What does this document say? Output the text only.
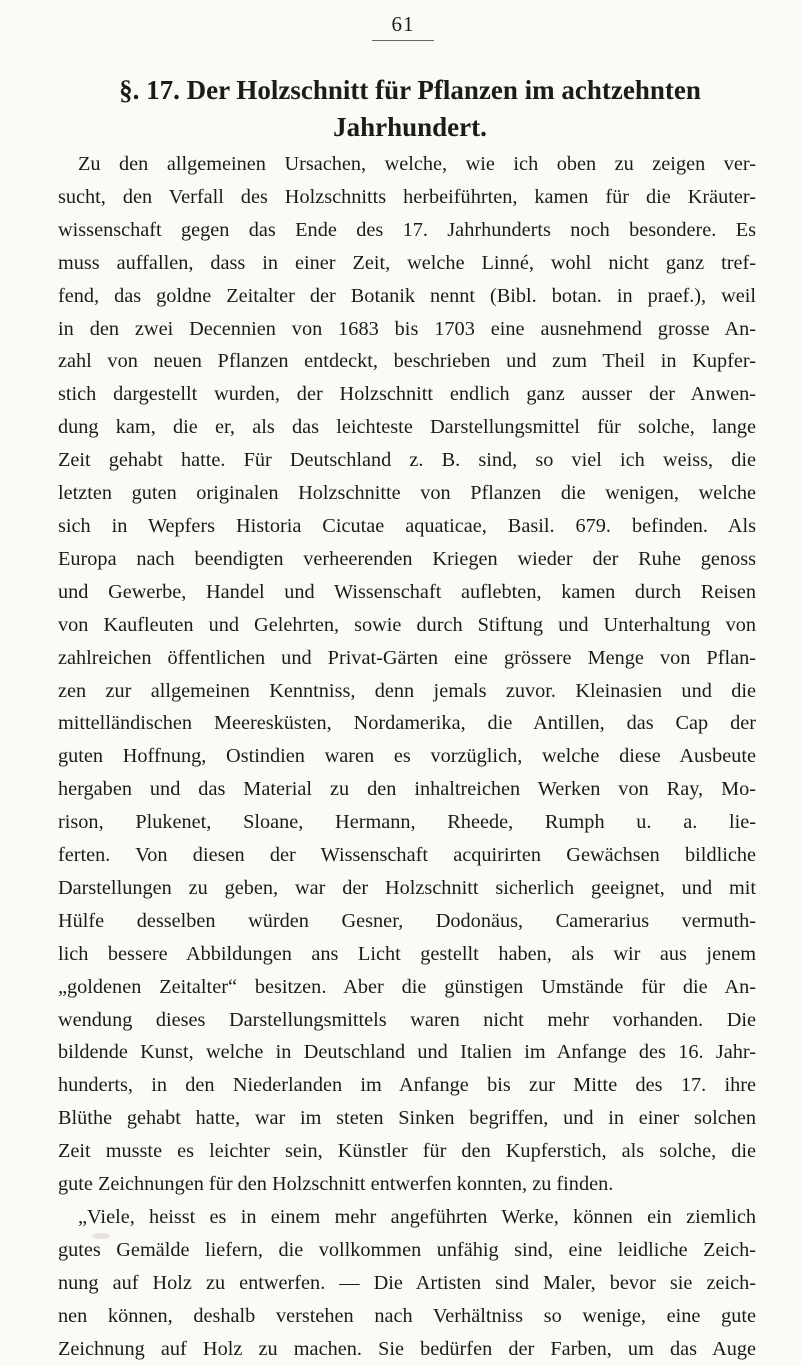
61
§. 17. Der Holzschnitt für Pflanzen im achtzehnten
Jahrhundert.
Zu den allgemeinen Ursachen, welche, wie ich oben zu zeigen ver-
sucht, den Verfall des Holzschnitts herbeiführten, kamen für die Kräuter-
wissenschaft gegen das Ende des 17. Jahrhunderts noch besondere. Es
muss auffallen, dass in einer Zeit, welche Linné, wohl nicht ganz tref-
fend, das goldne Zeitalter der Botanik nennt (Bibl. botan. in praef.), weil
in den zwei Decennien von 1683 bis 1703 eine ausnehmend grosse An-
zahl von neuen Pflanzen entdeckt, beschrieben und zum Theil in Kupfer-
stich dargestellt wurden, der Holzschnitt endlich ganz ausser der Anwen-
dung kam, die er, als das leichteste Darstellungsmittel für solche, lange
Zeit gehabt hatte. Für Deutschland z. B. sind, so viel ich weiss, die
letzten guten originalen Holzschnitte von Pflanzen die wenigen, welche
sich in Wepfers Historia Cicutae aquaticae, Basil. 679. befinden. Als
Europa nach beendigten verheerenden Kriegen wieder der Ruhe genoss
und Gewerbe, Handel und Wissenschaft auflebten, kamen durch Reisen
von Kaufleuten und Gelehrten, sowie durch Stiftung und Unterhaltung von
zahlreichen öffentlichen und Privat-Gärten eine grössere Menge von Pflan-
zen zur allgemeinen Kenntniss, denn jemals zuvor. Kleinasien und die
mittelländischen Meeresküsten, Nordamerika, die Antillen, das Cap der
guten Hoffnung, Ostindien waren es vorzüglich, welche diese Ausbeute
hergaben und das Material zu den inhaltreichen Werken von Ray, Mo-
rison, Plukenet, Sloane, Hermann, Rheede, Rumph u. a. lie-
ferten. Von diesen der Wissenschaft acquirirten Gewächsen bildliche
Darstellungen zu geben, war der Holzschnitt sicherlich geeignet, und mit
Hülfe desselben würden Gesner, Dodonäus, Camerarius vermuth-
lich bessere Abbildungen ans Licht gestellt haben, als wir aus jenem
„goldenen Zeitalter“ besitzen. Aber die günstigen Umstände für die An-
wendung dieses Darstellungsmittels waren nicht mehr vorhanden. Die
bildende Kunst, welche in Deutschland und Italien im Anfange des 16. Jahr-
hunderts, in den Niederlanden im Anfange bis zur Mitte des 17. ihre
Blüthe gehabt hatte, war im steten Sinken begriffen, und in einer solchen
Zeit musste es leichter sein, Künstler für den Kupferstich, als solche, die
gute Zeichnungen für den Holzschnitt entwerfen konnten, zu finden.
„Viele, heisst es in einem mehr angeführten Werke, können ein ziemlich
gutes Gemälde liefern, die vollkommen unfähig sind, eine leidliche Zeich-
nung auf Holz zu entwerfen. — Die Artisten sind Maler, bevor sie zeich-
nen können, deshalb verstehen nach Verhältniss so wenige, eine gute
Zeichnung auf Holz zu machen. Sie bedürfen der Farben, um das Auge
